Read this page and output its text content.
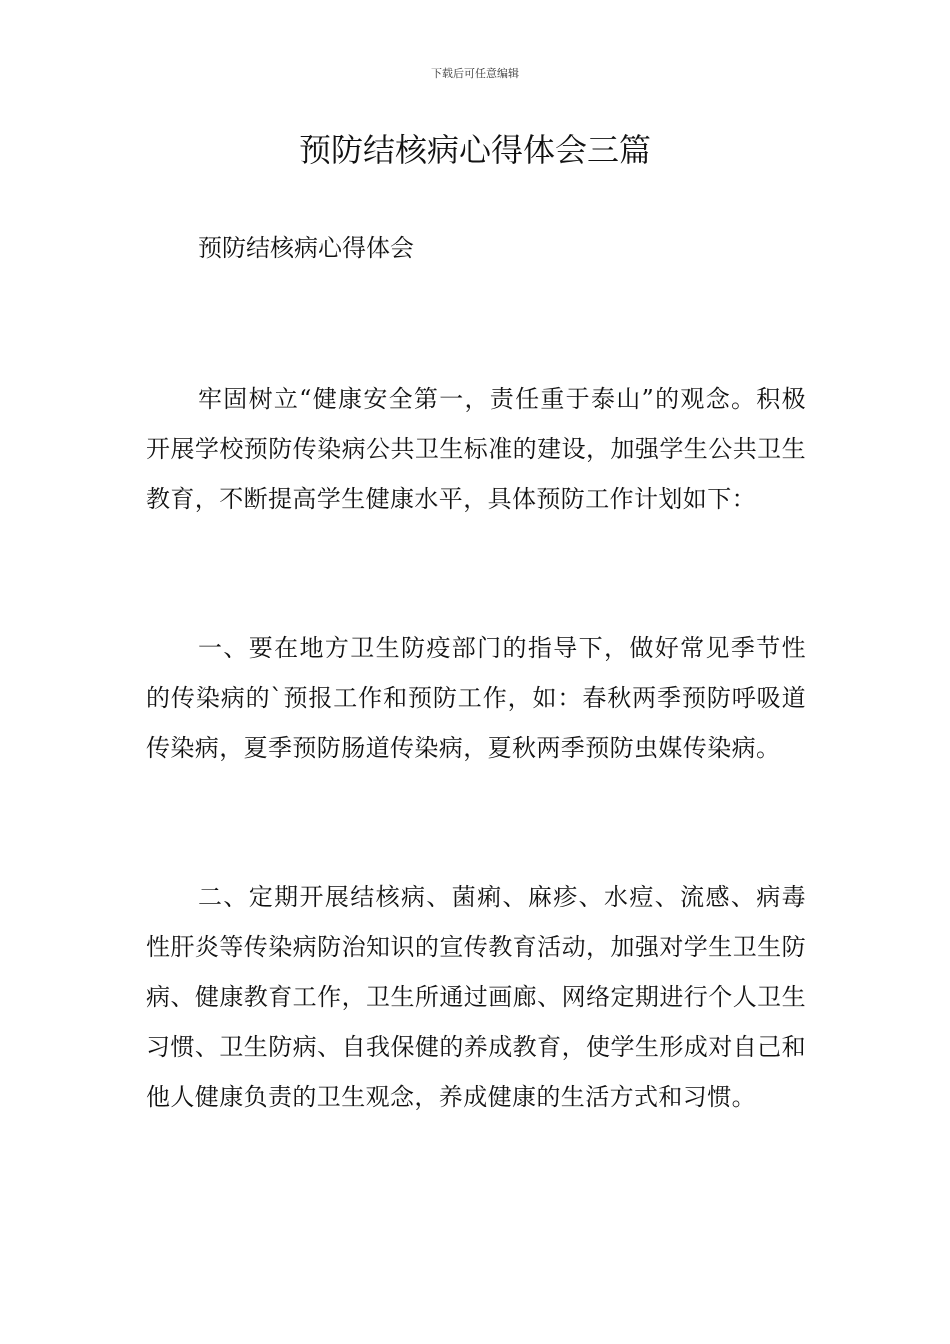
下载后可任意编辑
预防结核病心得体会三篇

预防结核病心得体会

牢固树立“健康安全第一，责任重于泰山”的观念。积极开展学校预防传染病公共卫生标准的建设，加强学生公共卫生教育，不断提高学生健康水平，具体预防工作计划如下：

一、要在地方卫生防疫部门的指导下，做好常见季节性的传染病的`预报工作和预防工作，如：春秋两季预防呼吸道传染病，夏季预防肠道传染病，夏秋两季预防虫媒传染病。

二、定期开展结核病、菌痢、麻疹、水痘、流感、病毒性肝炎等传染病防治知识的宣传教育活动，加强对学生卫生防病、健康教育工作，卫生所通过画廊、网络定期进行个人卫生习惯、卫生防病、自我保健的养成教育，使学生形成对自己和他人健康负责的卫生观念，养成健康的生活方式和习惯。
